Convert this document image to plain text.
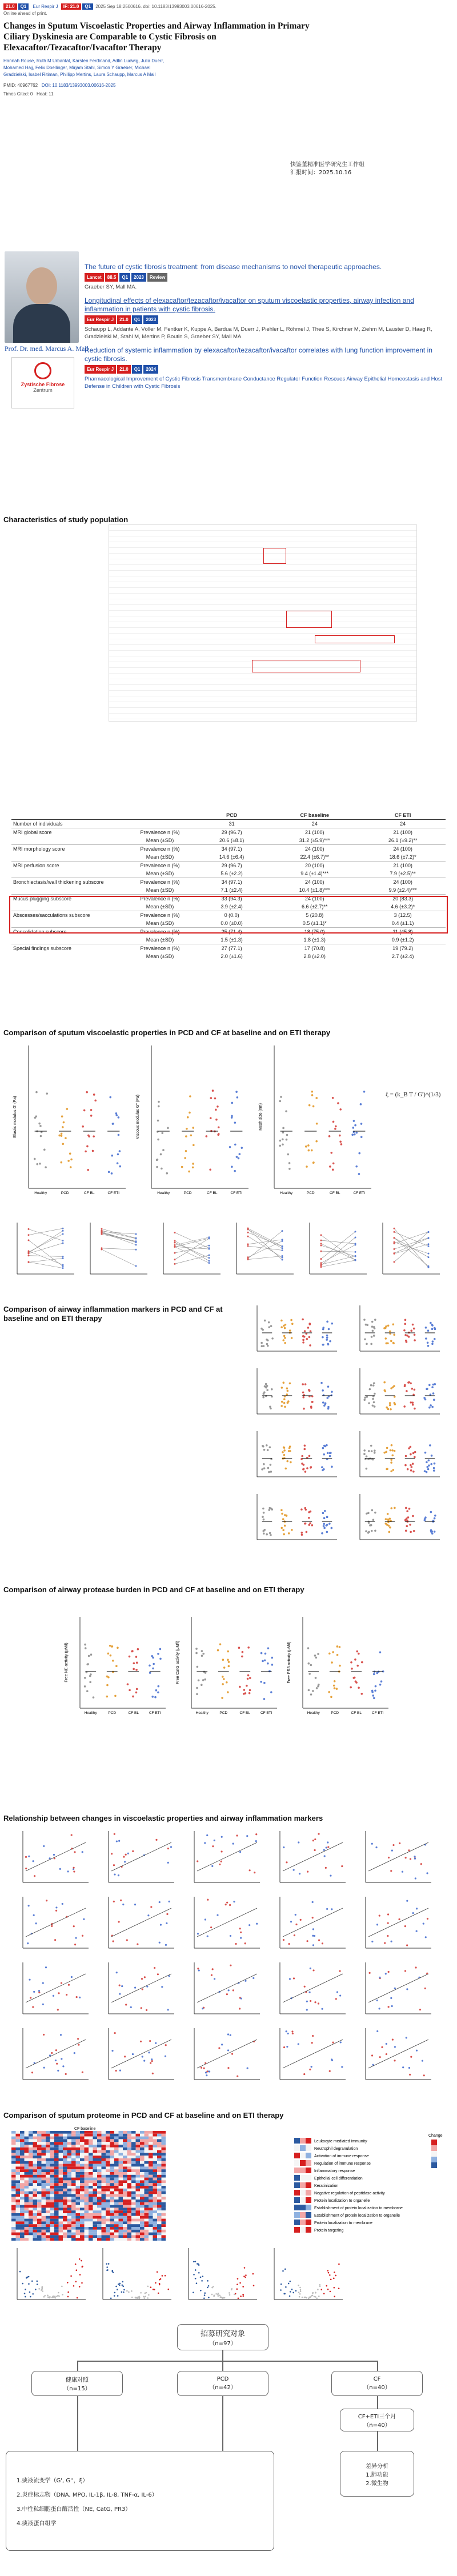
21.0 Q1 Eur Respir J IF: 21.0 Q1 2025 Sep 18:2500616. doi: 10.1183/13993003.00616-2025.
Online ahead of print.
Changes in Sputum Viscoelastic Properties and Airway Inflammation in Primary Ciliary Dyskinesia are Comparable to Cystic Fibrosis on Elexacaftor/Tezacaftor/Ivacaftor Therapy
Hannah Rouse, Ruth M Urbantat, Karsten Ferdinand, Adlin Ludwig, Julia Duerr, Mohamed Hajj, Felix Doellinger, Mirjam Stahl, Simon Y Graeber, Michael Gradzielski, Isabel Ritiman, Phillipp Mertins, Laura Schaupp, Marcus A Mall
PMID: 40967762 DOI: 10.1183/13993003.00616-2025
Times Cited: 0 Heat: 11
快鉴董精准医学研究生工作组
汇报时间：2025.10.16
Prof. Dr. med. Marcus A. Mall
Zystische Fibrose
Zentrum
The future of cystic fibrosis treatment: from disease mechanisms to novel therapeutic approaches.
Lancet 88.5 Q1 2023 Review
Graeber SY, Mall MA.
Longitudinal effects of elexacaftor/tezacaftor/ivacaftor on sputum viscoelastic properties, airway infection and inflammation in patients with cystic fibrosis.
Eur Respir J 21.0 Q1 2023
Schaupp L, Addante A, Völler M, Fentker K, Kuppe A, Bardua M, Duerr J, Piehler L, Röhmel J, Thee S, Kirchner M, Ziehm M, Lauster D, Haag R, Gradzielski M, Stahl M, Mertins P, Boutin S, Graeber SY, Mall MA.
Reduction of systemic inflammation by elexacaftor/tezacaftor/ivacaftor correlates with lung function improvement in cystic fibrosis.
Eur Respir J 21.0 Q1 2024
Pharmacological Improvement of Cystic Fibrosis Transmembrane Conductance Regulator Function Rescues Airway Epithelial Homeostasis and Host Defense in Children with Cystic Fibrosis
Characteristics of study population
		PCD	CF baseline	CF ETI
Number of individuals		31	24	24
MRI global score	Prevalence n (%)	29 (96.7)	21 (100)	21 (100)
	Mean (±SD)	20.6 (±8.1)	31.2 (±5.9)***	26.1 (±9.2)**
MRI morphology score	Prevalence n (%)	34 (97.1)	24 (100)	24 (100)
	Mean (±SD)	14.6 (±6.4)	22.4 (±6.7)**	18.6 (±7.2)*
MRI perfusion score	Prevalence n (%)	29 (96.7)	20 (100)	21 (100)
	Mean (±SD)	5.6 (±2.2)	9.4 (±1.4)***	7.9 (±2.5)**
Bronchiectasis/wall thickening subscore	Prevalence n (%)	34 (97.1)	24 (100)	24 (100)
	Mean (±SD)	7.1 (±2.4)	10.4 (±1.8)***	9.9 (±2.4)***
Mucus plugging subscore	Prevalence n (%)	33 (94.3)	24 (100)	20 (83.3)
	Mean (±SD)	3.9 (±2.4)	6.6 (±2.7)**	4.6 (±3.2)*
Abscesses/sacculations subscore	Prevalence n (%)	0 (0.0)	5 (20.8)	3 (12.5)
	Mean (±SD)	0.0 (±0.0)	0.5 (±1.1)*	0.4 (±1.1)
Consolidation subscore	Prevalence n (%)	25 (71.4)	18 (75.0)	11 (45.8)
	Mean (±SD)	1.5 (±1.3)	1.8 (±1.3)	0.9 (±1.2)
Special findings subscore	Prevalence n (%)	27 (77.1)	17 (70.8)	19 (79.2)
	Mean (±SD)	2.0 (±1.6)	2.8 (±2.0)	2.7 (±2.4)
Comparison of sputum viscoelastic properties in PCD and CF at baseline and on ETI therapy
Elastic modulus G' (Pa)
Healthy	PCD	CF BL	CF ETI
Viscous modulus G'' (Pa)
Healthy	PCD	CF BL	CF ETI
Mesh size (nm)
Healthy	PCD	CF BL	CF ETI
ξ = (k_B T / G')^(1/3)
Comparison of airway inflammation markers in PCD and CF at baseline and on ETI therapy
Comparison of airway protease burden in PCD and CF at baseline and on ETI therapy
Free NE activity (µM/l)
Healthy	PCD	CF BL	CF ETI
Free CatG activity (µM/l)
Healthy	PCD	CF BL	CF ETI
Free PR3 activity (µM/l)
Healthy	PCD	CF BL	CF ETI
Relationship between changes in viscoelastic properties and airway inflammation markers
Comparison of sputum proteome in PCD and CF at baseline and on ETI therapy
CF baseline
Leukocyte mediated immunity
Neutrophil degranulation
Activation of immune response
Regulation of immune response
Inflammatory response
Epithelial cell differentiation
Keratinization
Negative regulation of peptidase activity
Protein localization to organelle
Establishment of protein localization to membrane
Establishment of protein localization to organelle
Protein localization to membrane
Protein targeting
Change
招募研究对象
（n=97）
健康对照
（n=15）
PCD
（n=42）
CF
（n=40）
CF+ETI三个月
（n=40）
1.痰液流变学（G', G''，ξ）
2.炎症标志物（DNA, MPO, IL-1β, IL-8, TNF-α, IL-6）
3.中性粒细胞蛋白酶活性（NE, CatG, PR3）
4.痰液蛋白组学
差异分析
1.肺功能
2.微生物
